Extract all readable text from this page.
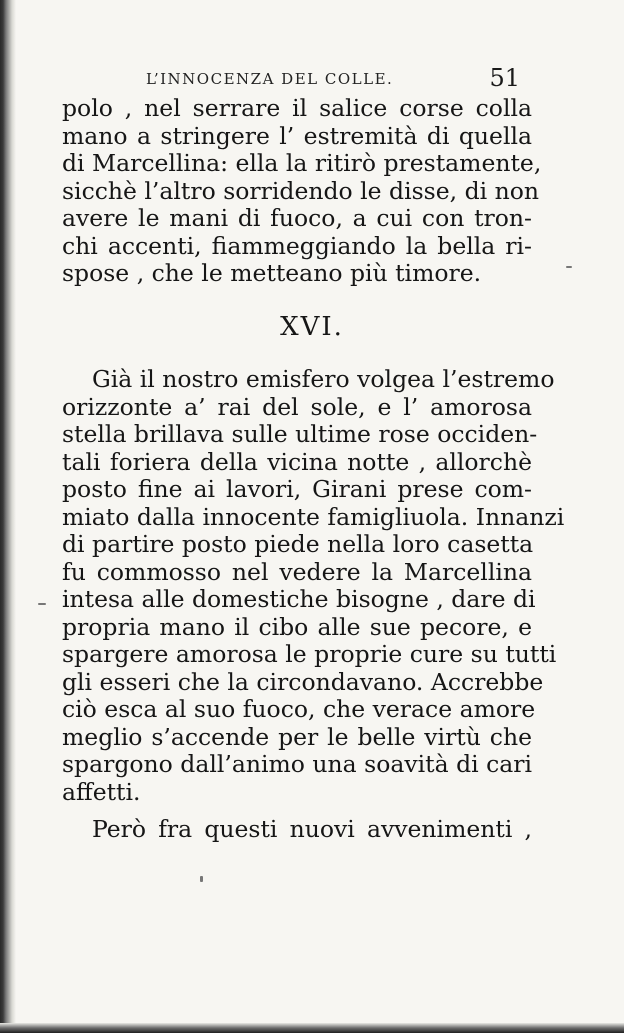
L’INNOCENZA DEL COLLE.	51
polo , nel serrare il salice corse colla
mano a stringere l’ estremità di quella
di Marcellina: ella la ritirò prestamente,
sicchè l’altro sorridendo le disse, di non
avere le mani di fuoco, a cui con tron-
chi accenti, fiammeggiando la bella ri-
spose , che le metteano più timore.
XVI.
Già il nostro emisfero volgea l’estremo
orizzonte a’ rai del sole, e l’ amorosa
stella brillava sulle ultime rose occiden-
tali foriera della vicina notte , allorchè
posto fine ai lavori, Girani prese com-
miato dalla innocente famigliuola. Innanzi
di partire posto piede nella loro casetta
fu commosso nel vedere la Marcellina
intesa alle domestiche bisogne , dare di
propria mano il cibo alle sue pecore, e
spargere amorosa le proprie cure su tutti
gli esseri che la circondavano. Accrebbe
ciò esca al suo fuoco, che verace amore
meglio s’accende per le belle virtù che
spargono dall’animo una soavità di cari
affetti.
Però fra questi nuovi avvenimenti ,
